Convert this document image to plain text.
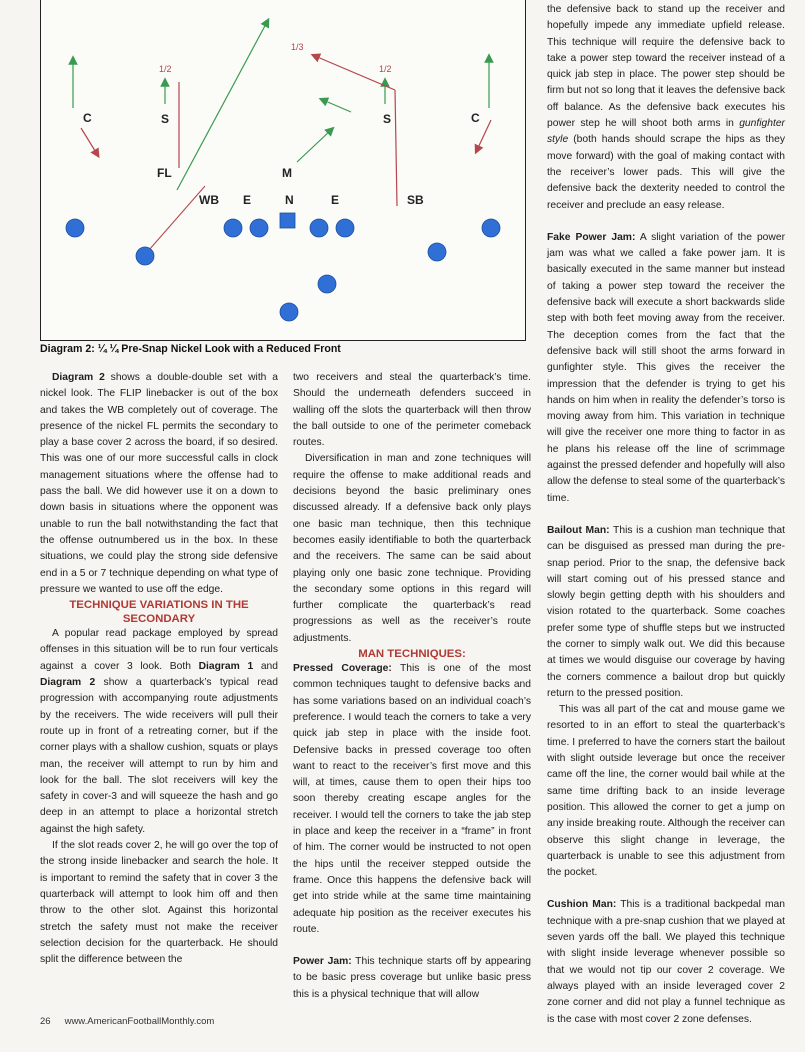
C
1/2
S
1/3
1/2
S	C
FL	M
WB E	N	E	SB
Diagram 2: ¼ ¼ Pre-Snap Nickel Look with a Reduced Front

Diagram 2 shows a double-double set with a nickel look. The FLIP linebacker is out of the box and takes the WB completely out of coverage. The presence of the nickel FL permits the secondary to play a base cover 2 across the board, if so desired. This was one of our more successful calls in clock management situations where the offense had to pass the ball. We did however use it on a down to down basis in situations where the opponent was unable to run the ball notwithstanding the fact that the offense outnumbered us in the box. In these situations, we could play the strong side defensive end in a 5 or 7 technique depending on what type of pressure we wanted to use off the edge.

TECHNIQUE VARIATIONS IN THE SECONDARY

A popular read package employed by spread offenses in this situation will be to run four verticals against a cover 3 look. Both Diagram 1 and Diagram 2 show a quarterback’s typical read progression with accompanying route adjustments by the receivers. The wide receivers will pull their route up in front of a retreating corner, but if the corner plays with a shallow cushion, squats or plays man, the receiver will attempt to run by him and look for the ball. The slot receivers will key the safety in cover-3 and will squeeze the hash and go deep in an attempt to place a horizontal stretch against the high safety.

If the slot reads cover 2, he will go over the top of the strong inside linebacker and search the hole. It is important to remind the safety that in cover 3 the quarterback will attempt to look him off and then throw to the other slot. Against this horizontal stretch the safety must not make the receiver selection decision for the quarterback. He should split the difference between the

two receivers and steal the quarterback’s time. Should the underneath defenders succeed in walling off the slots the quarterback will then throw the ball outside to one of the perimeter comeback routes.

Diversification in man and zone techniques will require the offense to make additional reads and decisions beyond the basic preliminary ones discussed already. If a defensive back only plays one basic man technique, then this technique becomes easily identifiable to both the quarterback and the receivers. The same can be said about playing only one basic zone technique. Providing the secondary some options in this regard will further complicate the quarterback’s read progressions as well as the receiver’s route adjustments.

MAN TECHNIQUES:

Pressed Coverage: This is one of the most common techniques taught to defensive backs and has some variations based on an individual coach’s preference. I would teach the corners to take a very quick jab step in place with the inside foot. Defensive backs in pressed coverage too often want to react to the receiver’s first move and this will, at times, cause them to open their hips too soon thereby creating escape angles for the receiver. I would tell the corners to take the jab step in place and keep the receiver in a “frame” in front of him. The corner would be instructed to not open the hips until the receiver stepped outside the frame. Once this happens the defensive back will get into stride while at the same time maintaining adequate hip position as the receiver executes his route.

Power Jam: This technique starts off by appearing to be basic press coverage but unlike basic press this is a physical technique that will allow

the defensive back to stand up the receiver and hopefully impede any immediate upfield release. This technique will require the defensive back to take a power step toward the receiver instead of a quick jab step in place. The power step should be firm but not so long that it leaves the defensive back off balance. As the defensive back executes his power step he will shoot both arms in gunfighter style (both hands should scrape the hips as they move forward) with the goal of making contact with the receiver’s lower pads. This will give the defensive back the dexterity needed to control the receiver and preclude an easy release.

Fake Power Jam: A slight variation of the power jam was what we called a fake power jam. It is basically executed in the same manner but instead of taking a power step toward the receiver the defensive back will execute a short backwards slide step with both feet moving away from the receiver. The deception comes from the fact that the defensive back will still shoot the arms forward in gunfighter style. This gives the receiver the impression that the defender is trying to get his hands on him when in reality the defender’s torso is moving away from him. This variation in technique will give the receiver one more thing to factor in as he plans his release off the line of scrimmage against the pressed defender and hopefully will also allow the defense to steal some of the quarterback’s time.

Bailout Man: This is a cushion man technique that can be disguised as pressed man during the pre-snap period. Prior to the snap, the defensive back will start coming out of his pressed stance and slowly begin getting depth with his shoulders and vision rotated to the quarterback. Some coaches prefer some type of shuffle steps but we instructed the corner to simply walk out. We did this because at times we would disguise our coverage by having the corners commence a bailout drop but quickly return to the pressed position.

This was all part of the cat and mouse game we resorted to in an effort to steal the quarterback’s time. I preferred to have the corners start the bailout with slight outside leverage but once the receiver came off the line, the corner would bail while at the same time drifting back to an inside leverage position. This allowed the corner to get a jump on any inside breaking route. Although the receiver can observe this slight change in leverage, the quarterback is unable to see this adjustment from the pocket.

Cushion Man: This is a traditional backpedal man technique with a pre-snap cushion that we played at seven yards off the ball. We played this technique with slight inside leverage whenever possible so that we would not tip our cover 2 coverage. We always played with an inside leveraged cover 2 zone corner and did not play a funnel technique as is the case with most cover 2 zone defenses.

26 www.AmericanFootballMonthly.com
